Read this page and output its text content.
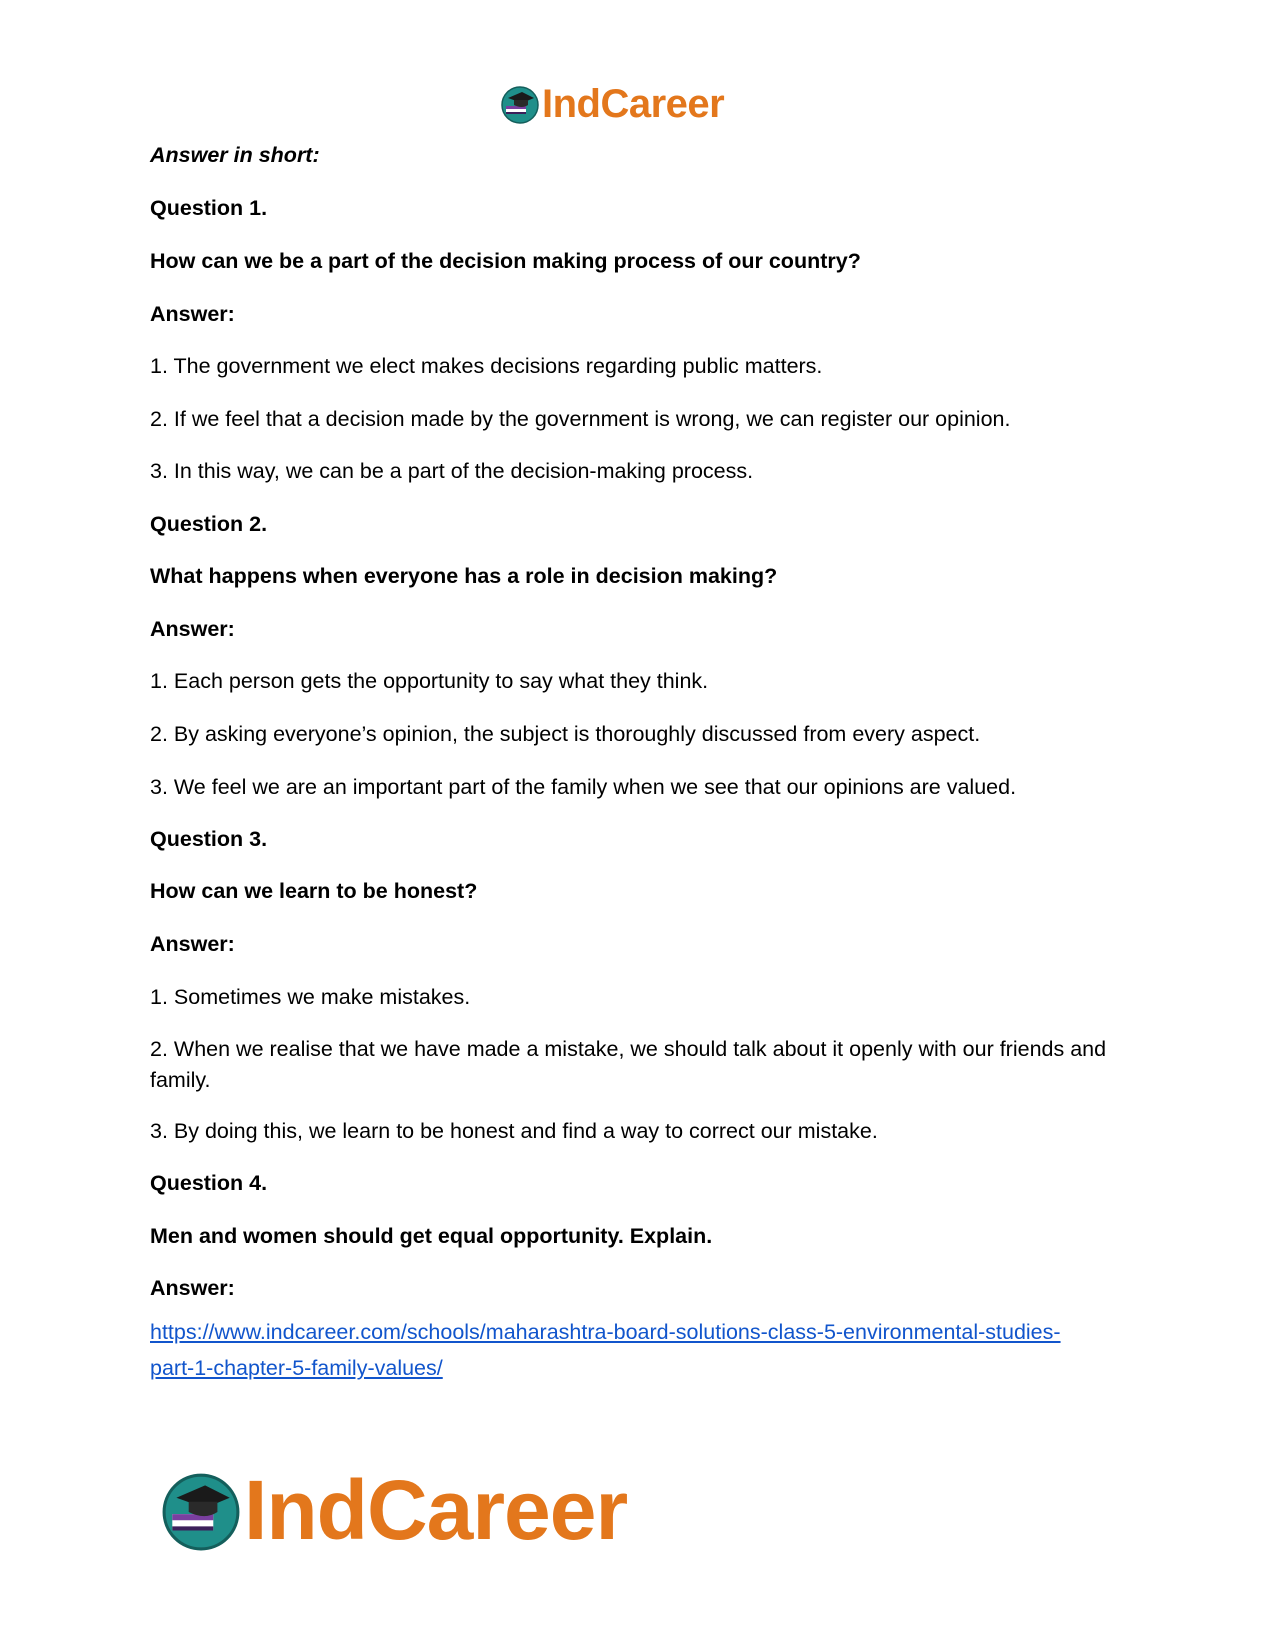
IndCareer
Answer in short:
Question 1.
How can we be a part of the decision making process of our country?
Answer:
1. The government we elect makes decisions regarding public matters.
2. If we feel that a decision made by the government is wrong, we can register our opinion.
3. In this way, we can be a part of the decision-making process.
Question 2.
What happens when everyone has a role in decision making?
Answer:
1. Each person gets the opportunity to say what they think.
2. By asking everyone’s opinion, the subject is thoroughly discussed from every aspect.
3. We feel we are an important part of the family when we see that our opinions are valued.
Question 3.
How can we learn to be honest?
Answer:
1. Sometimes we make mistakes.
2. When we realise that we have made a mistake, we should talk about it openly with our friends and family.
3. By doing this, we learn to be honest and find a way to correct our mistake.
Question 4.
Men and women should get equal opportunity. Explain.
Answer:
https://www.indcareer.com/schools/maharashtra-board-solutions-class-5-environmental-studies-
part-1-chapter-5-family-values/
IndCareer
